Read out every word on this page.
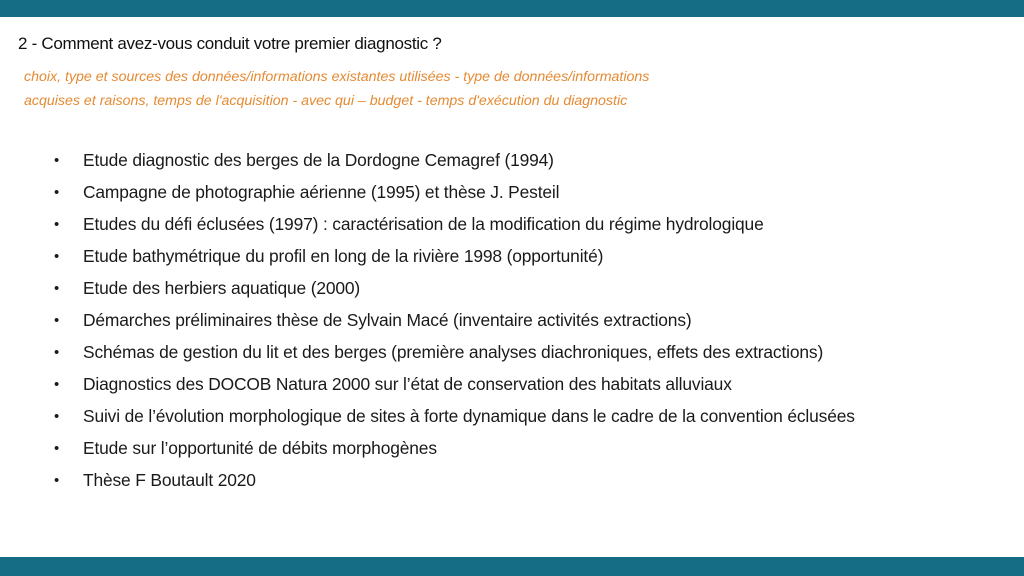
2 - Comment avez-vous conduit votre premier diagnostic ?
choix, type et sources des données/informations existantes utilisées - type de données/informations
acquises et raisons, temps de l'acquisition - avec qui – budget - temps d'exécution du diagnostic
• Etude diagnostic des berges de la Dordogne Cemagref (1994)
• Campagne de photographie aérienne (1995) et thèse J. Pesteil
• Etudes du défi éclusées (1997) : caractérisation de la modification du régime hydrologique
• Etude bathymétrique du profil en long de la rivière 1998 (opportunité)
• Etude des herbiers aquatique (2000)
• Démarches préliminaires thèse de Sylvain Macé (inventaire activités extractions)
• Schémas de gestion du lit et des berges (première analyses diachroniques, effets des extractions)
• Diagnostics des DOCOB Natura 2000 sur l’état de conservation des habitats alluviaux
• Suivi de l’évolution morphologique de sites à forte dynamique dans le cadre de la convention éclusées
• Etude sur l’opportunité de débits morphogènes
• Thèse F Boutault 2020
